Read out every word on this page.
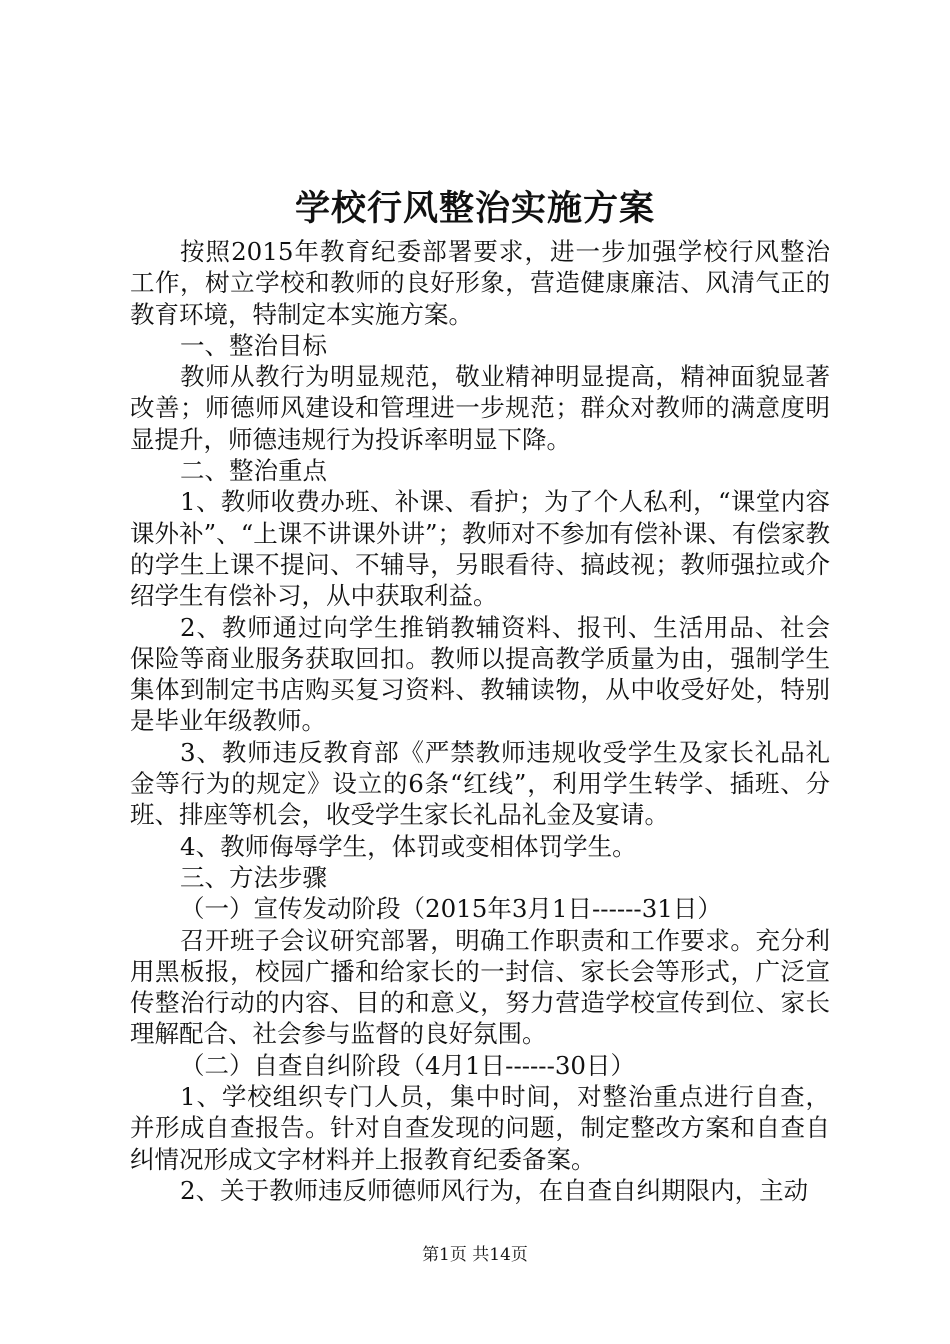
学校行风整治实施方案

按照2015年教育纪委部署要求，进一步加强学校行风整治工作，树立学校和教师的良好形象，营造健康廉洁、风清气正的教育环境，特制定本实施方案。

一、整治目标

教师从教行为明显规范，敬业精神明显提高，精神面貌显著改善；师德师风建设和管理进一步规范；群众对教师的满意度明显提升，师德违规行为投诉率明显下降。

二、整治重点

1、教师收费办班、补课、看护；为了个人私利，“课堂内容课外补”、“上课不讲课外讲”；教师对不参加有偿补课、有偿家教的学生上课不提问、不辅导，另眼看待、搞歧视；教师强拉或介绍学生有偿补习，从中获取利益。

2、教师通过向学生推销教辅资料、报刊、生活用品、社会保险等商业服务获取回扣。教师以提高教学质量为由，强制学生集体到制定书店购买复习资料、教辅读物，从中收受好处，特别是毕业年级教师。

3、教师违反教育部《严禁教师违规收受学生及家长礼品礼金等行为的规定》设立的6条“红线”，利用学生转学、插班、分班、排座等机会，收受学生家长礼品礼金及宴请。

4、教师侮辱学生，体罚或变相体罚学生。

三、方法步骤

（一）宣传发动阶段（2015年3月1日------31日）

召开班子会议研究部署，明确工作职责和工作要求。充分利用黑板报，校园广播和给家长的一封信、家长会等形式，广泛宣传整治行动的内容、目的和意义，努力营造学校宣传到位、家长理解配合、社会参与监督的良好氛围。

（二）自查自纠阶段（4月1日------30日）

1、学校组织专门人员，集中时间，对整治重点进行自查，并形成自查报告。针对自查发现的问题，制定整改方案和自查自纠情况形成文字材料并上报教育纪委备案。

2、关于教师违反师德师风行为，在自查自纠期限内，主动

第1页 共14页
